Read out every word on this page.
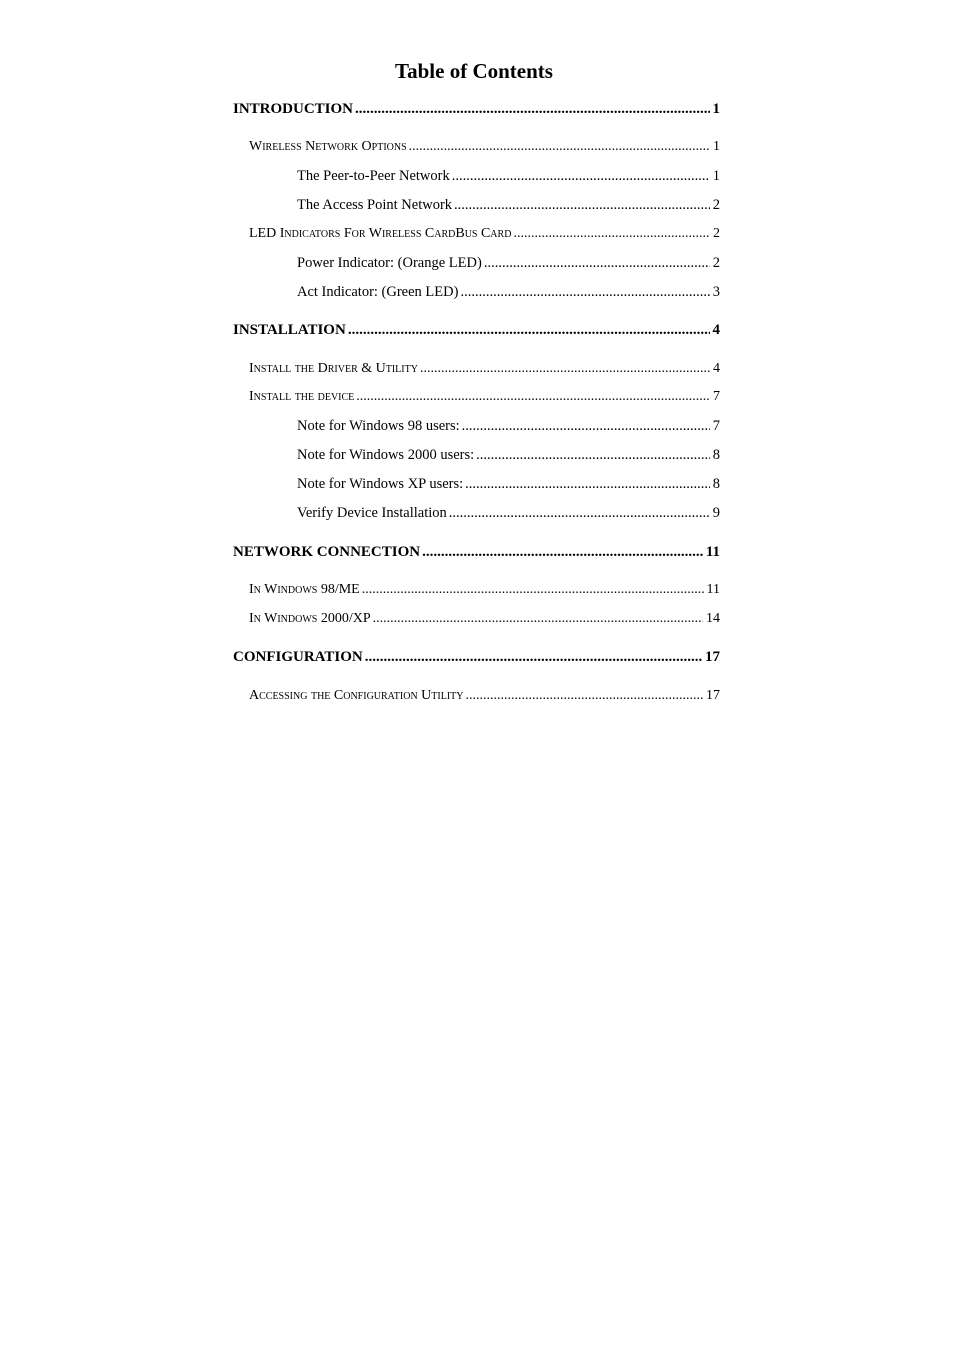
Table of Contents
INTRODUCTION .....	1
Wireless Network Options .....	1
The Peer-to-Peer Network .....	1
The Access Point Network .....	2
LED Indicators For Wireless CardBus Card .....	2
Power Indicator: (Orange LED) .....	2
Act Indicator: (Green LED) .....	3
INSTALLATION .....	4
Install the Driver & Utility .....	4
Install the device .....	7
Note for Windows 98 users: .....	7
Note for Windows 2000 users: .....	8
Note for Windows XP users: .....	8
Verify Device Installation .....	9
NETWORK CONNECTION .....	11
In Windows 98/ME .....	11
In Windows 2000/XP .....	14
CONFIGURATION .....	17
Accessing the Configuration Utility .....	17
